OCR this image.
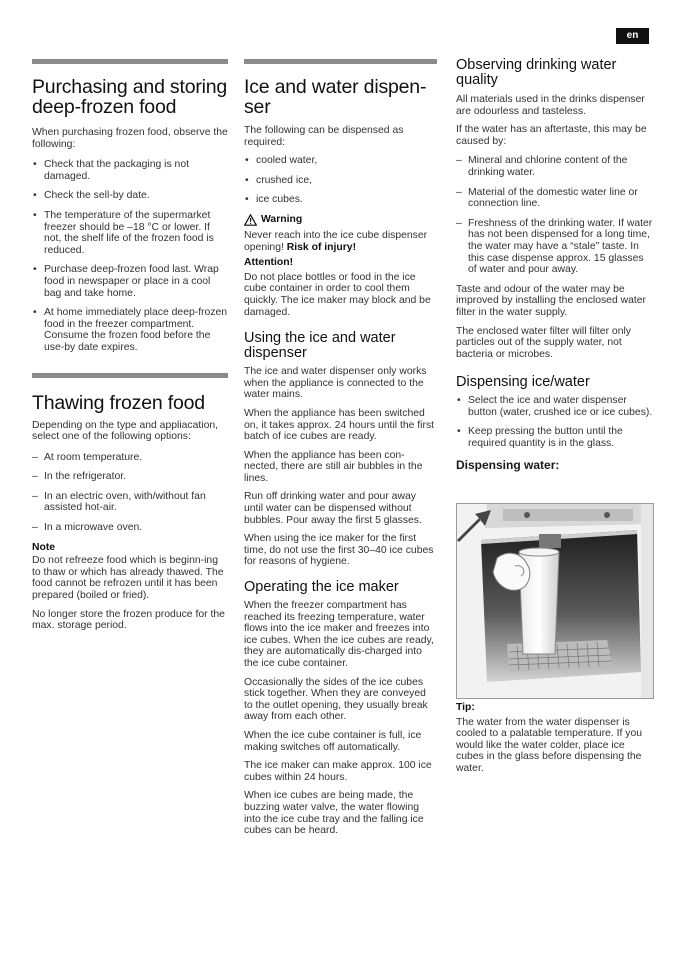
en
Purchasing and storing deep-frozen food

When purchasing frozen food, observe the following:

• Check that the packaging is not damaged.
• Check the sell-by date.
• The temperature of the supermarket freezer should be –18 °C or lower. If not, the shelf life of the frozen food is reduced.
• Purchase deep-frozen food last. Wrap food in newspaper or place in a cool bag and take home.
• At home immediately place deep-frozen food in the freezer compartment. Consume the frozen food before the use-by date expires.
Thawing frozen food

Depending on the type and appliacation, select one of the following options:

– At room temperature.
– In the refrigerator.
– In an electric oven, with/without fan assisted hot-air.
– In a microwave oven.

Note

Do not refreeze food which is beginn-ing to thaw or which has already thawed. The food cannot be refrozen until it has been prepared (boiled or fried).

No longer store the frozen produce for the max. storage period.

Ice and water dispen-ser

The following can be dispensed as required:

• cooled water,
• crushed ice,
• ice cubes.
Warning

Never reach into the ice cube dispenser opening! Risk of injury!

Attention!

Do not place bottles or food in the ice cube container in order to cool them quickly. The ice maker may block and be damaged.

Using the ice and water dispenser

The ice and water dispenser only works when the appliance is connected to the water mains.

When the appliance has been switched on, it takes approx. 24 hours until the first batch of ice cubes are ready.

When the appliance has been con-nected, there are still air bubbles in the lines.

Run off drinking water and pour away until water can be dispensed without bubbles. Pour away the first 5 glasses.

When using the ice maker for the first time, do not use the first 30–40 ice cubes for reasons of hygiene.

Operating the ice maker

When the freezer compartment has reached its freezing temperature, water flows into the ice maker and freezes into ice cubes. When the ice cubes are ready, they are automatically dis-charged into the ice cube container.

Occasionally the sides of the ice cubes stick together. When they are conveyed to the outlet opening, they usually break away from each other.

When the ice cube container is full, ice making switches off automatically.

The ice maker can make approx. 100 ice cubes within 24 hours.

When ice cubes are being made, the buzzing water valve, the water flowing into the ice cube tray and the falling ice cubes can be heard.

Observing drinking water quality

All materials used in the drinks dispenser are odourless and tasteless.

If the water has an aftertaste, this may be caused by:

– Mineral and chlorine content of the drinking water.
– Material of the domestic water line or connection line.
– Freshness of the drinking water. If water has not been dispensed for a long time, the water may have a “stale” taste. In this case dispense approx. 15 glasses of water and pour away.

Taste and odour of the water may be improved by installing the enclosed water filter in the water supply.

The enclosed water filter will filter only particles out of the supply water, not bacteria or microbes.

Dispensing ice/water
• Select the ice and water dispenser button (water, crushed ice or ice cubes).
• Keep pressing the button until the required quantity is in the glass.
Dispensing water:

Tip:

The water from the water dispenser is cooled to a palatable temperature. If you would like the water colder, place ice cubes in the glass before dispensing the water.
